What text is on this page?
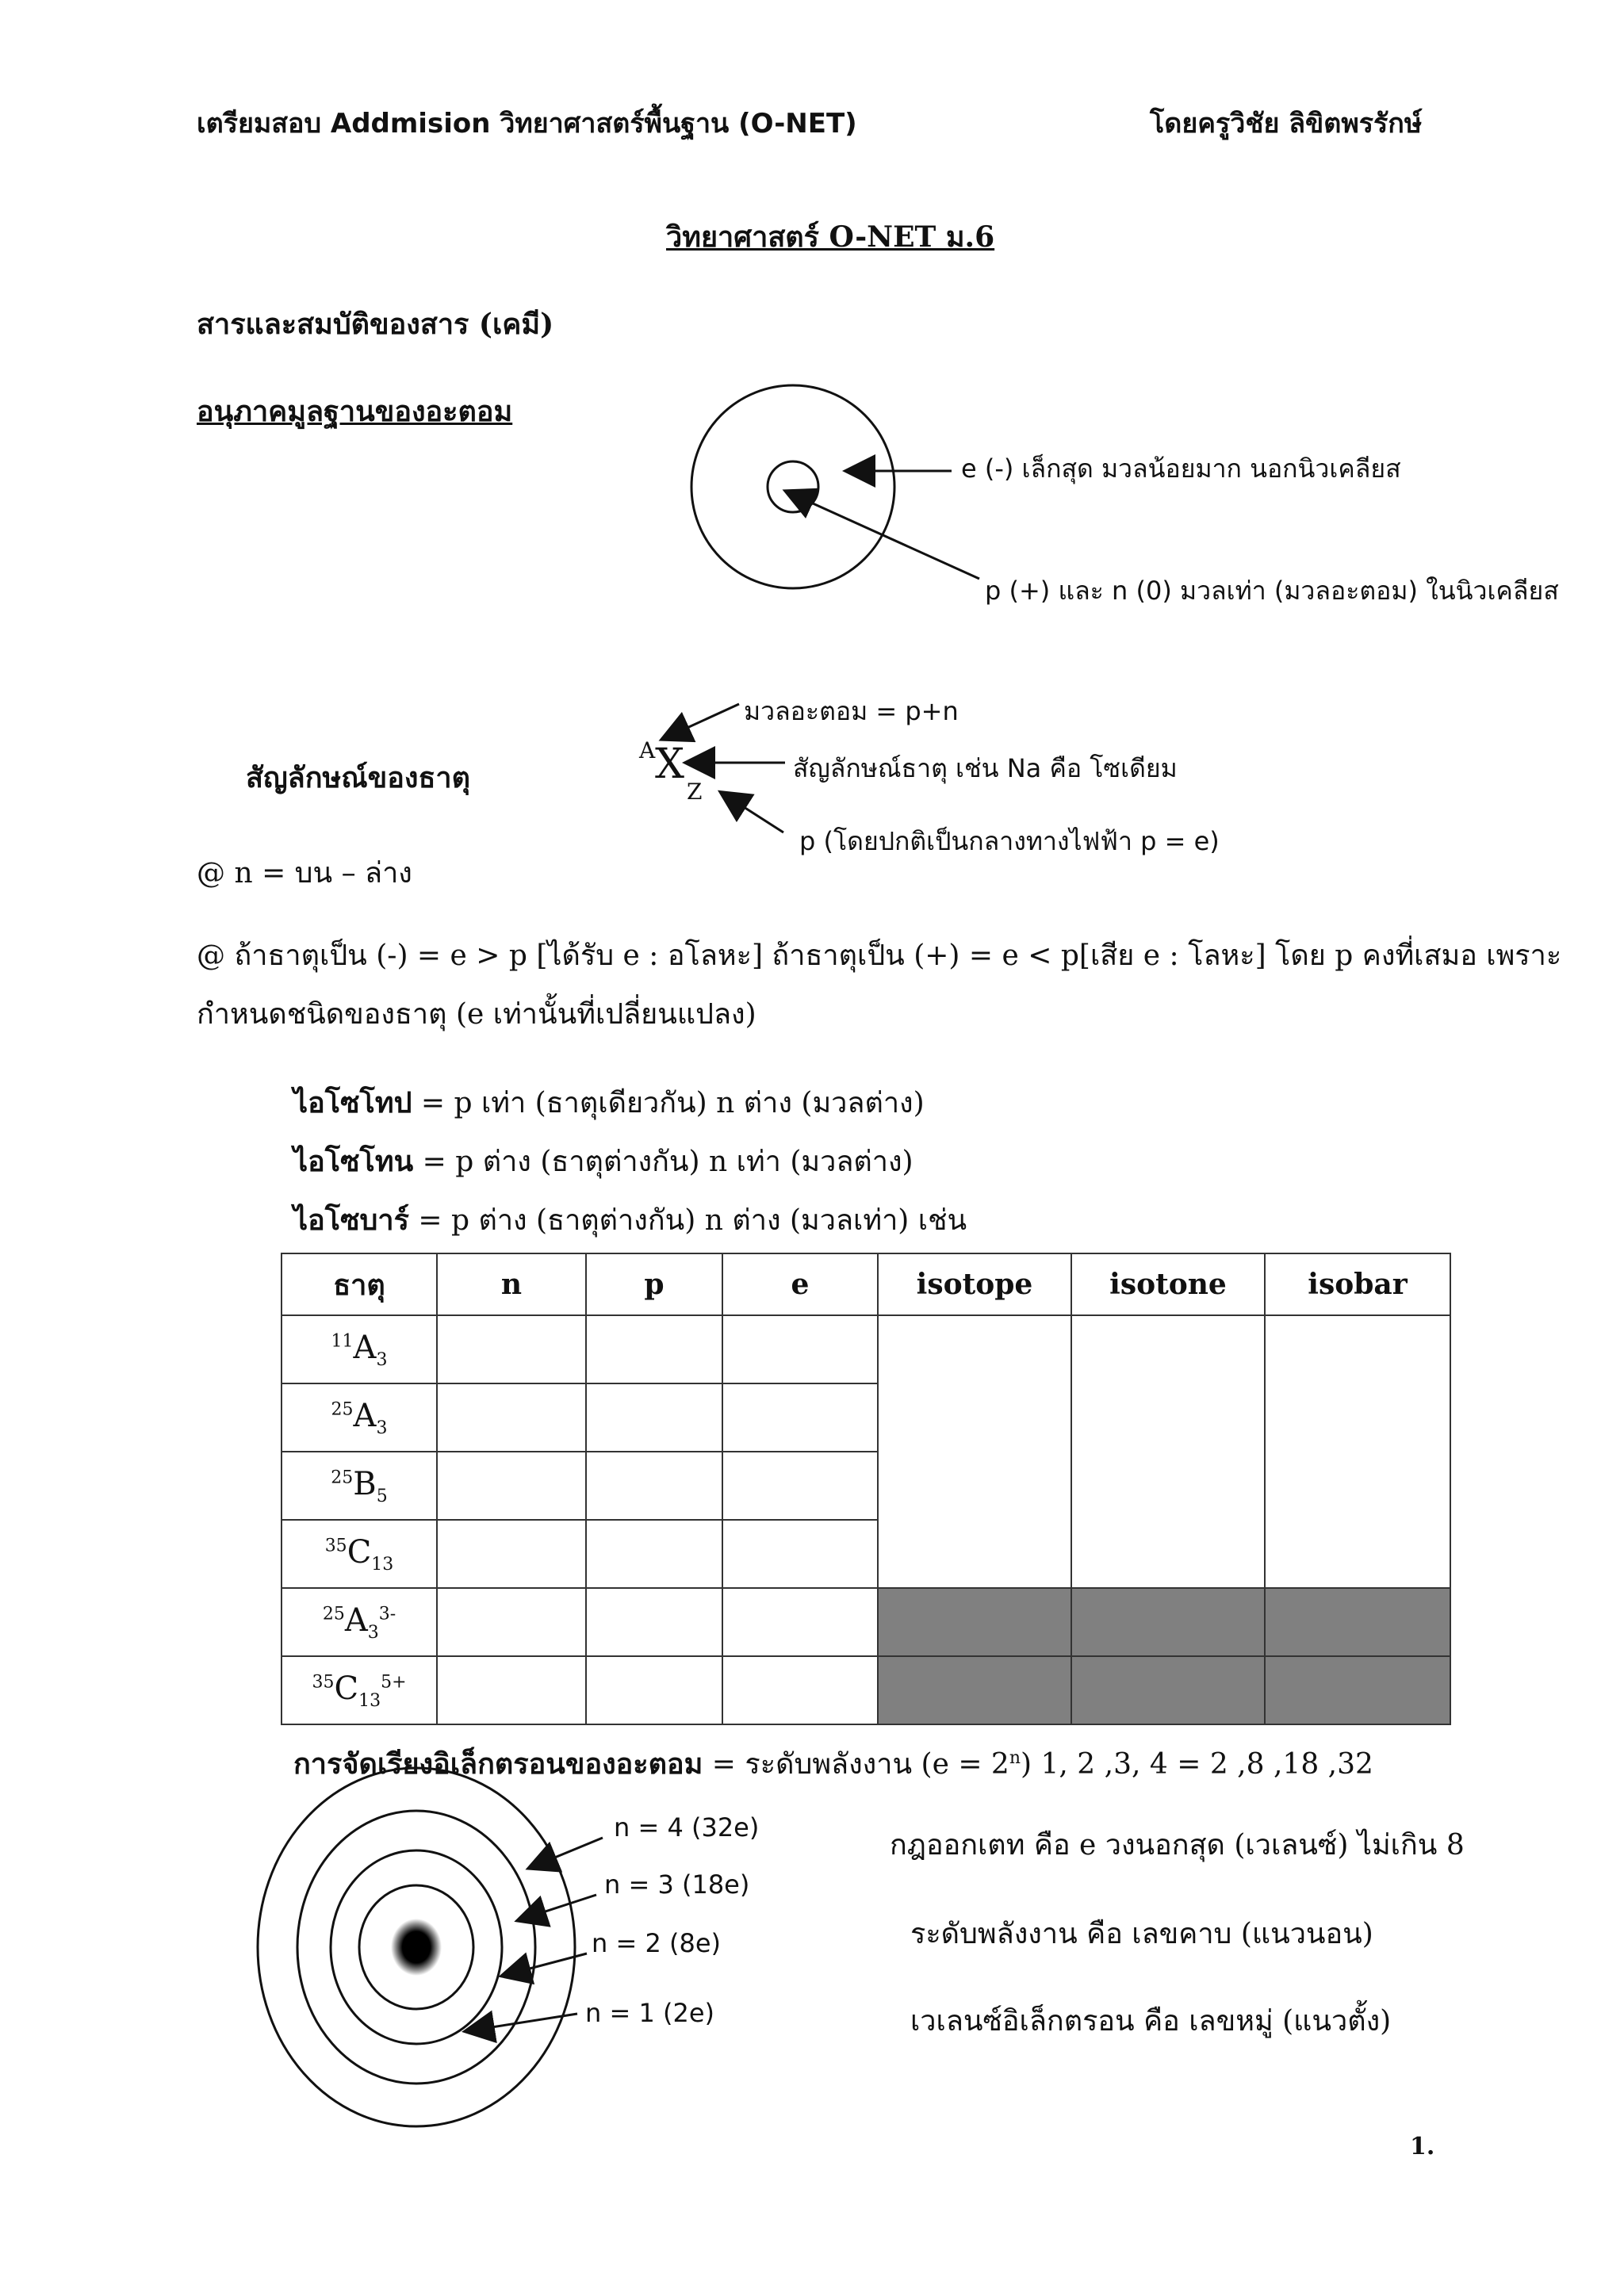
เตรียมสอบ Addmision วิทยาศาสตร์พื้นฐาน (O-NET)	โดยครูวิชัย ลิขิตพรรักษ์
วิทยาศาสตร์ O-NET ม.6
สารและสมบัติของสาร (เคมี)
อนุภาคมูลฐานของอะตอม
e (-) เล็กสุด มวลน้อยมาก นอกนิวเคลียส
p (+) และ n (0) มวลเท่า (มวลอะตอม) ในนิวเคลียส
สัญลักษณ์ของธาตุ
A X
Z
มวลอะตอม = p+n
สัญลักษณ์ธาตุ เช่น Na คือ โซเดียม
p (โดยปกติเป็นกลางทางไฟฟ้า p = e)
@ n = บน – ล่าง
@ ถ้าธาตุเป็น (-) = e > p [ได้รับ e : อโลหะ] ถ้าธาตุเป็น (+) = e < p[เสีย e : โลหะ] โดย p คงที่เสมอ เพราะ
กำหนดชนิดของธาตุ (e เท่านั้นที่เปลี่ยนแปลง)
ไอโซโทป = p เท่า (ธาตุเดียวกัน) n ต่าง (มวลต่าง)
ไอโซโทน = p ต่าง (ธาตุต่างกัน) n เท่า (มวลต่าง)
ไอโซบาร์ = p ต่าง (ธาตุต่างกัน) n ต่าง (มวลเท่า) เช่น
ธาตุ	n	p	e	isotope	isotone	isobar
$^{11}A_3$						
$^{25}A_3$			
$^{25}B_5$			
$^{35}C_{13}$			
$^{25}A_3^{3-}$						
$^{35}C_{13}^{5+}$						
การจัดเรียงอิเล็กตรอนของอะตอม = ระดับพลังงาน $(e = 2^n)$ 1, 2 ,3, 4 = 2 ,8 ,18 ,32
n = 4 (32e)
n = 3 (18e)
n = 2 (8e)
n = 1 (2e)
กฎออกเตท คือ e วงนอกสุด (เวเลนซ์) ไม่เกิน 8
ระดับพลังงาน คือ เลขคาบ (แนวนอน)
เวเลนซ์อิเล็กตรอน คือ เลขหมู่ (แนวตั้ง)
1.
